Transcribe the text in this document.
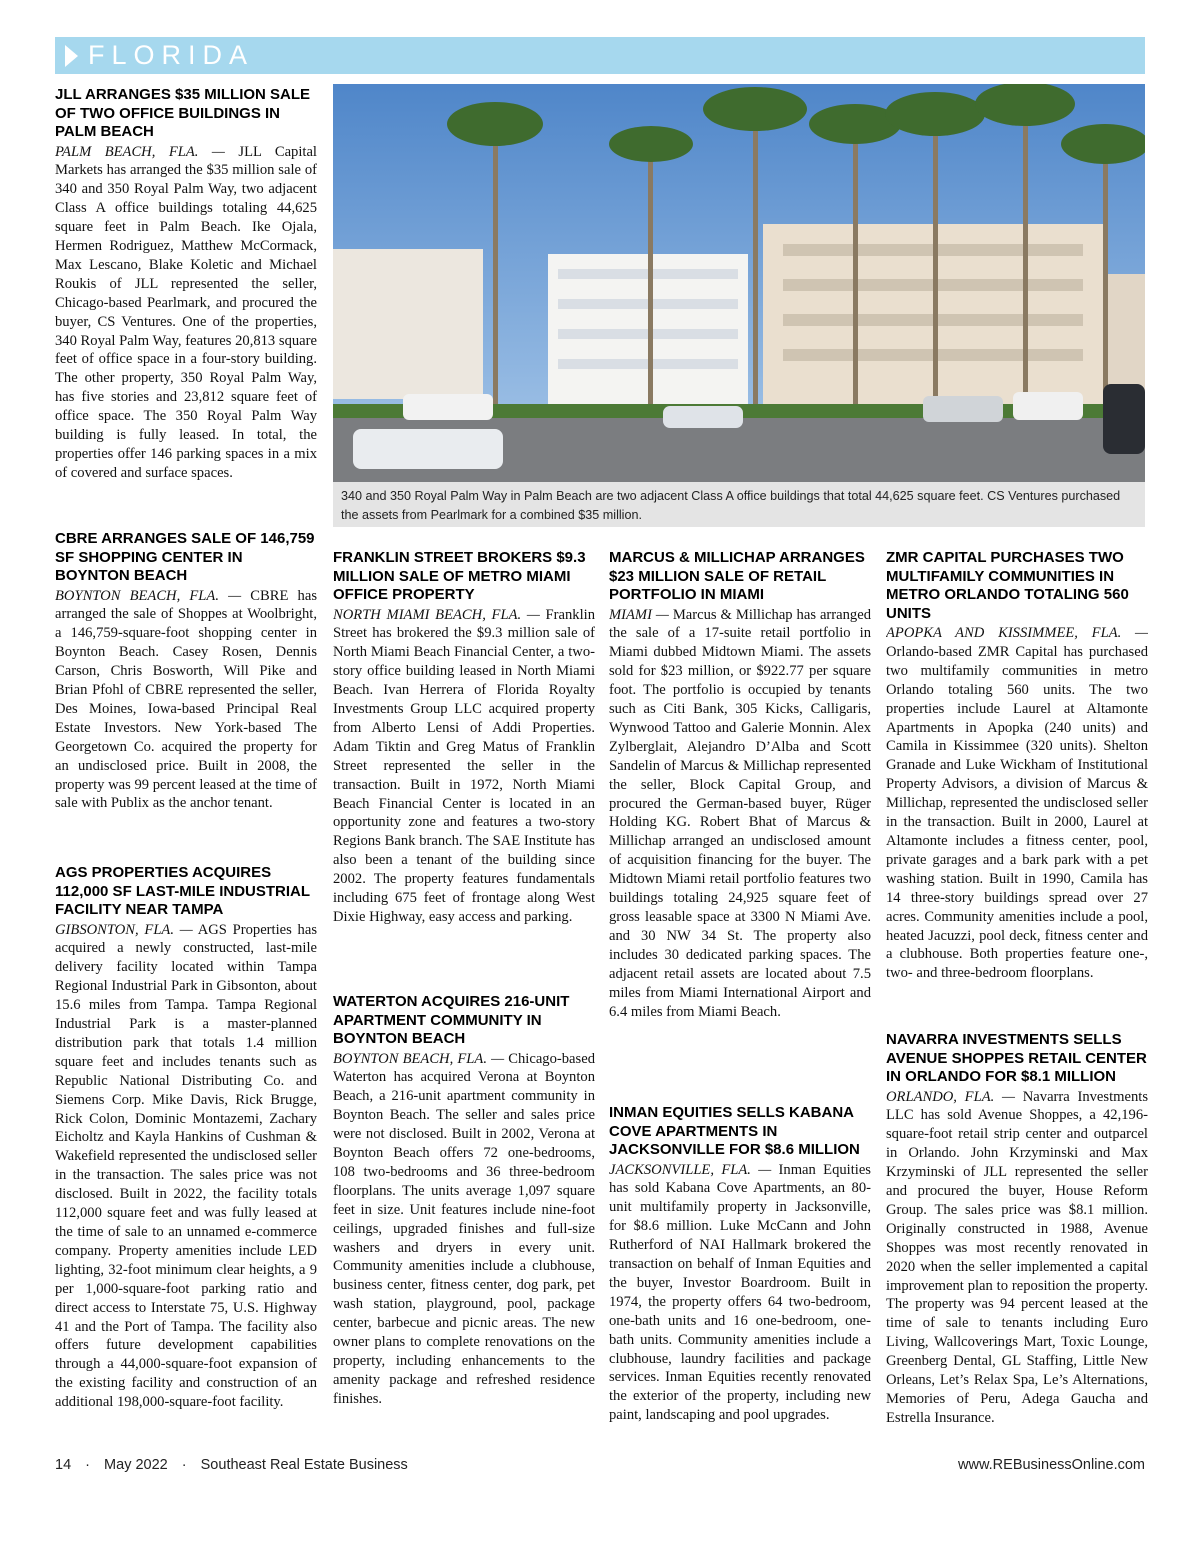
FLORIDA
340 and 350 Royal Palm Way in Palm Beach are two adjacent Class A office buildings that total 44,625 square feet. CS Ventures purchased the assets from Pearlmark for a combined $35 million.
JLL ARRANGES $35 MILLION SALE OF TWO OFFICE BUILDINGS IN PALM BEACH

PALM BEACH, FLA. — JLL Capital Markets has arranged the $35 million sale of 340 and 350 Royal Palm Way, two adjacent Class A office buildings totaling 44,625 square feet in Palm Beach. Ike Ojala, Hermen Rodriguez, Matthew McCormack, Max Lescano, Blake Koletic and Michael Roukis of JLL represented the seller, Chicago-based Pearlmark, and procured the buyer, CS Ventures. One of the properties, 340 Royal Palm Way, features 20,813 square feet of office space in a four-story building. The other property, 350 Royal Palm Way, has five stories and 23,812 square feet of office space. The 350 Royal Palm Way building is fully leased. In total, the properties offer 146 parking spaces in a mix of covered and surface spaces.

CBRE ARRANGES SALE OF 146,759 SF SHOPPING CENTER IN BOYNTON BEACH

BOYNTON BEACH, FLA. — CBRE has arranged the sale of Shoppes at Woolbright, a 146,759-square-foot shopping center in Boynton Beach. Casey Rosen, Dennis Carson, Chris Bosworth, Will Pike and Brian Pfohl of CBRE represented the seller, Des Moines, Iowa-based Principal Real Estate Investors. New York-based The Georgetown Co. acquired the property for an undisclosed price. Built in 2008, the property was 99 percent leased at the time of sale with Publix as the anchor tenant.

AGS PROPERTIES ACQUIRES 112,000 SF LAST-MILE INDUSTRIAL FACILITY NEAR TAMPA

GIBSONTON, FLA. — AGS Properties has acquired a newly constructed, last-mile delivery facility located within Tampa Regional Industrial Park in Gibsonton, about 15.6 miles from Tampa. Tampa Regional Industrial Park is a master-planned distribution park that totals 1.4 million square feet and includes tenants such as Republic National Distributing Co. and Siemens Corp. Mike Davis, Rick Brugge, Rick Colon, Dominic Montazemi, Zachary Eicholtz and Kayla Hankins of Cushman & Wakefield represented the undisclosed seller in the transaction. The sales price was not disclosed. Built in 2022, the facility totals 112,000 square feet and was fully leased at the time of sale to an unnamed e-commerce company. Property amenities include LED lighting, 32-foot minimum clear heights, a 9 per 1,000-square-foot parking ratio and direct access to Interstate 75, U.S. Highway 41 and the Port of Tampa. The facility also offers future development capabilities through a 44,000-square-foot expansion of the existing facility and construction of an additional 198,000-square-foot facility.

FRANKLIN STREET BROKERS $9.3 MILLION SALE OF METRO MIAMI OFFICE PROPERTY

NORTH MIAMI BEACH, FLA. — Franklin Street has brokered the $9.3 million sale of North Miami Beach Financial Center, a two-story office building leased in North Miami Beach. Ivan Herrera of Florida Royalty Investments Group LLC acquired property from Alberto Lensi of Addi Properties. Adam Tiktin and Greg Matus of Franklin Street represented the seller in the transaction. Built in 1972, North Miami Beach Financial Center is located in an opportunity zone and features a two-story Regions Bank branch. The SAE Institute has also been a tenant of the building since 2002. The property features fundamentals including 675 feet of frontage along West Dixie Highway, easy access and parking.

WATERTON ACQUIRES 216-UNIT APARTMENT COMMUNITY IN BOYNTON BEACH

BOYNTON BEACH, FLA. — Chicago-based Waterton has acquired Verona at Boynton Beach, a 216-unit apartment community in Boynton Beach. The seller and sales price were not disclosed. Built in 2002, Verona at Boynton Beach offers 72 one-bedrooms, 108 two-bedrooms and 36 three-bedroom floorplans. The units average 1,097 square feet in size. Unit features include nine-foot ceilings, upgraded finishes and full-size washers and dryers in every unit. Community amenities include a clubhouse, business center, fitness center, dog park, pet wash station, playground, pool, package center, barbecue and picnic areas. The new owner plans to complete renovations on the property, including enhancements to the amenity package and refreshed residence finishes.

MARCUS & MILLICHAP ARRANGES $23 MILLION SALE OF RETAIL PORTFOLIO IN MIAMI

MIAMI — Marcus & Millichap has arranged the sale of a 17-suite retail portfolio in Miami dubbed Midtown Miami. The assets sold for $23 million, or $922.77 per square foot. The portfolio is occupied by tenants such as Citi Bank, 305 Kicks, Calligaris, Wynwood Tattoo and Galerie Monnin. Alex Zylberglait, Alejandro D’Alba and Scott Sandelin of Marcus & Millichap represented the seller, Block Capital Group, and procured the German-based buyer, Rüger Holding KG. Robert Bhat of Marcus & Millichap arranged an undisclosed amount of acquisition financing for the buyer. The Midtown Miami retail portfolio features two buildings totaling 24,925 square feet of gross leasable space at 3300 N Miami Ave. and 30 NW 34 St. The property also includes 30 dedicated parking spaces. The adjacent retail assets are located about 7.5 miles from Miami International Airport and 6.4 miles from Miami Beach.

INMAN EQUITIES SELLS KABANA COVE APARTMENTS IN JACKSONVILLE FOR $8.6 MILLION

JACKSONVILLE, FLA. — Inman Equities has sold Kabana Cove Apartments, an 80-unit multifamily property in Jacksonville, for $8.6 million. Luke McCann and John Rutherford of NAI Hallmark brokered the transaction on behalf of Inman Equities and the buyer, Investor Boardroom. Built in 1974, the property offers 64 two-bedroom, one-bath units and 16 one-bedroom, one-bath units. Community amenities include a clubhouse, laundry facilities and package services. Inman Equities recently renovated the exterior of the property, including new paint, landscaping and pool upgrades.

ZMR CAPITAL PURCHASES TWO MULTIFAMILY COMMUNITIES IN METRO ORLANDO TOTALING 560 UNITS

APOPKA AND KISSIMMEE, FLA. — Orlando-based ZMR Capital has purchased two multifamily communities in metro Orlando totaling 560 units. The two properties include Laurel at Altamonte Apartments in Apopka (240 units) and Camila in Kissimmee (320 units). Shelton Granade and Luke Wickham of Institutional Property Advisors, a division of Marcus & Millichap, represented the undisclosed seller in the transaction. Built in 2000, Laurel at Altamonte includes a fitness center, pool, private garages and a bark park with a pet washing station. Built in 1990, Camila has 14 three-story buildings spread over 27 acres. Community amenities include a pool, heated Jacuzzi, pool deck, fitness center and a clubhouse. Both properties feature one-, two- and three-bedroom floorplans.

NAVARRA INVESTMENTS SELLS AVENUE SHOPPES RETAIL CENTER IN ORLANDO FOR $8.1 MILLION

ORLANDO, FLA. — Navarra Investments LLC has sold Avenue Shoppes, a 42,196-square-foot retail strip center and outparcel in Orlando. John Krzyminski and Max Krzyminski of JLL represented the seller and procured the buyer, House Reform Group. The sales price was $8.1 million. Originally constructed in 1988, Avenue Shoppes was most recently renovated in 2020 when the seller implemented a capital improvement plan to reposition the property. The property was 94 percent leased at the time of sale to tenants including Euro Living, Wallcoverings Mart, Toxic Lounge, Greenberg Dental, GL Staffing, Little New Orleans, Let’s Relax Spa, Le’s Alternations, Memories of Peru, Adega Gaucha and Estrella Insurance.

14 · May 2022 · Southeast Real Estate Business	www.REBusinessOnline.com
